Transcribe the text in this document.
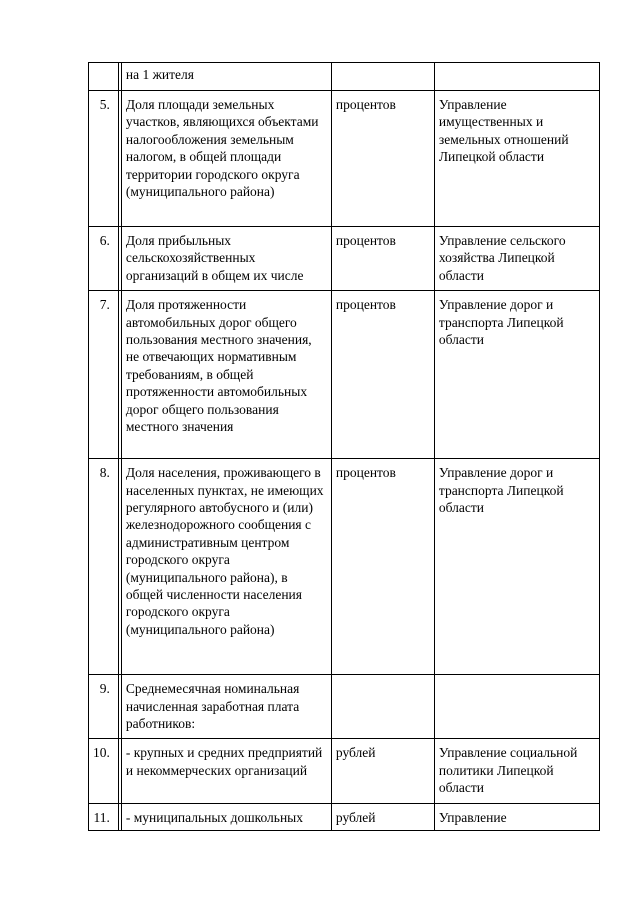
		на 1 жителя		
5.		Доля площади земельных участков, являющихся объектами налогообложения земельным налогом, в общей площади территории городского округа (муниципального района)	процентов	Управление имущественных и земельных отношений Липецкой области
6.		Доля прибыльных сельскохозяйственных организаций в общем их числе	процентов	Управление сельского хозяйства Липецкой области
7.		Доля протяженности автомобильных дорог общего пользования местного значения, не отвечающих нормативным требованиям, в общей протяженности автомобильных дорог общего пользования местного значения	процентов	Управление дорог и транспорта Липецкой области
8.		Доля населения, проживающего в населенных пунктах, не имеющих регулярного автобусного и (или) железнодорожного сообщения с административным центром городского округа (муниципального района), в общей численности населения городского округа (муниципального района)	процентов	Управление дорог и транспорта Липецкой области
9.		Среднемесячная номинальная начисленная заработная плата работников:		
10.		- крупных и средних предприятий и некоммерческих организаций	рублей	Управление социальной политики Липецкой области
11.		- муниципальных дошкольных	рублей	Управление
